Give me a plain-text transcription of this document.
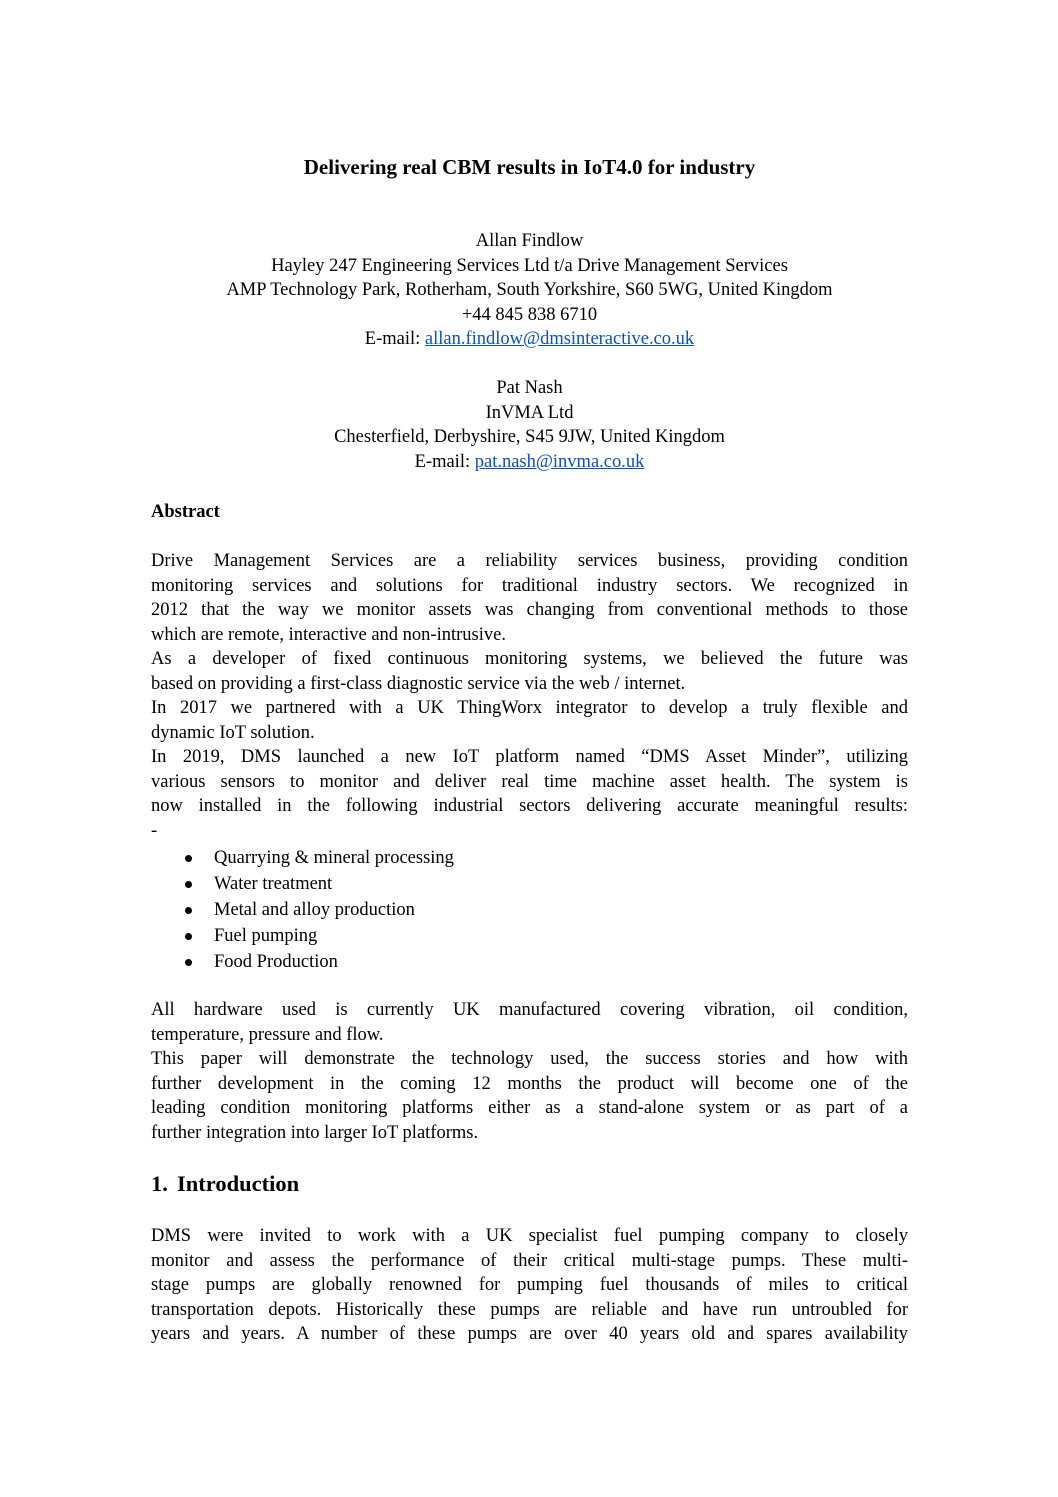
Delivering real CBM results in IoT4.0 for industry
Allan Findlow
Hayley 247 Engineering Services Ltd t/a Drive Management Services
AMP Technology Park, Rotherham, South Yorkshire, S60 5WG, United Kingdom
+44 845 838 6710
E-mail: allan.findlow@dmsinteractive.co.uk
Pat Nash
InVMA Ltd
Chesterfield, Derbyshire, S45 9JW, United Kingdom
E-mail: pat.nash@invma.co.uk
Abstract

Drive Management Services are a reliability services business, providing condition
monitoring services and solutions for traditional industry sectors. We recognized in
2012 that the way we monitor assets was changing from conventional methods to those
which are remote, interactive and non-intrusive.

As a developer of fixed continuous monitoring systems, we believed the future was
based on providing a first-class diagnostic service via the web / internet.

In 2017 we partnered with a UK ThingWorx integrator to develop a truly flexible and
dynamic IoT solution.

In 2019, DMS launched a new IoT platform named “DMS Asset Minder”, utilizing
various sensors to monitor and deliver real time machine asset health. The system is
now installed in the following industrial sectors delivering accurate meaningful results:
-

Quarrying & mineral processing
Water treatment
Metal and alloy production
Fuel pumping
Food Production

All hardware used is currently UK manufactured covering vibration, oil condition,
temperature, pressure and flow.

This paper will demonstrate the technology used, the success stories and how with
further development in the coming 12 months the product will become one of the
leading condition monitoring platforms either as a stand-alone system or as part of a
further integration into larger IoT platforms.

1. Introduction

DMS were invited to work with a UK specialist fuel pumping company to closely
monitor and assess the performance of their critical multi-stage pumps. These multi-
stage pumps are globally renowned for pumping fuel thousands of miles to critical
transportation depots. Historically these pumps are reliable and have run untroubled for
years and years. A number of these pumps are over 40 years old and spares availability
